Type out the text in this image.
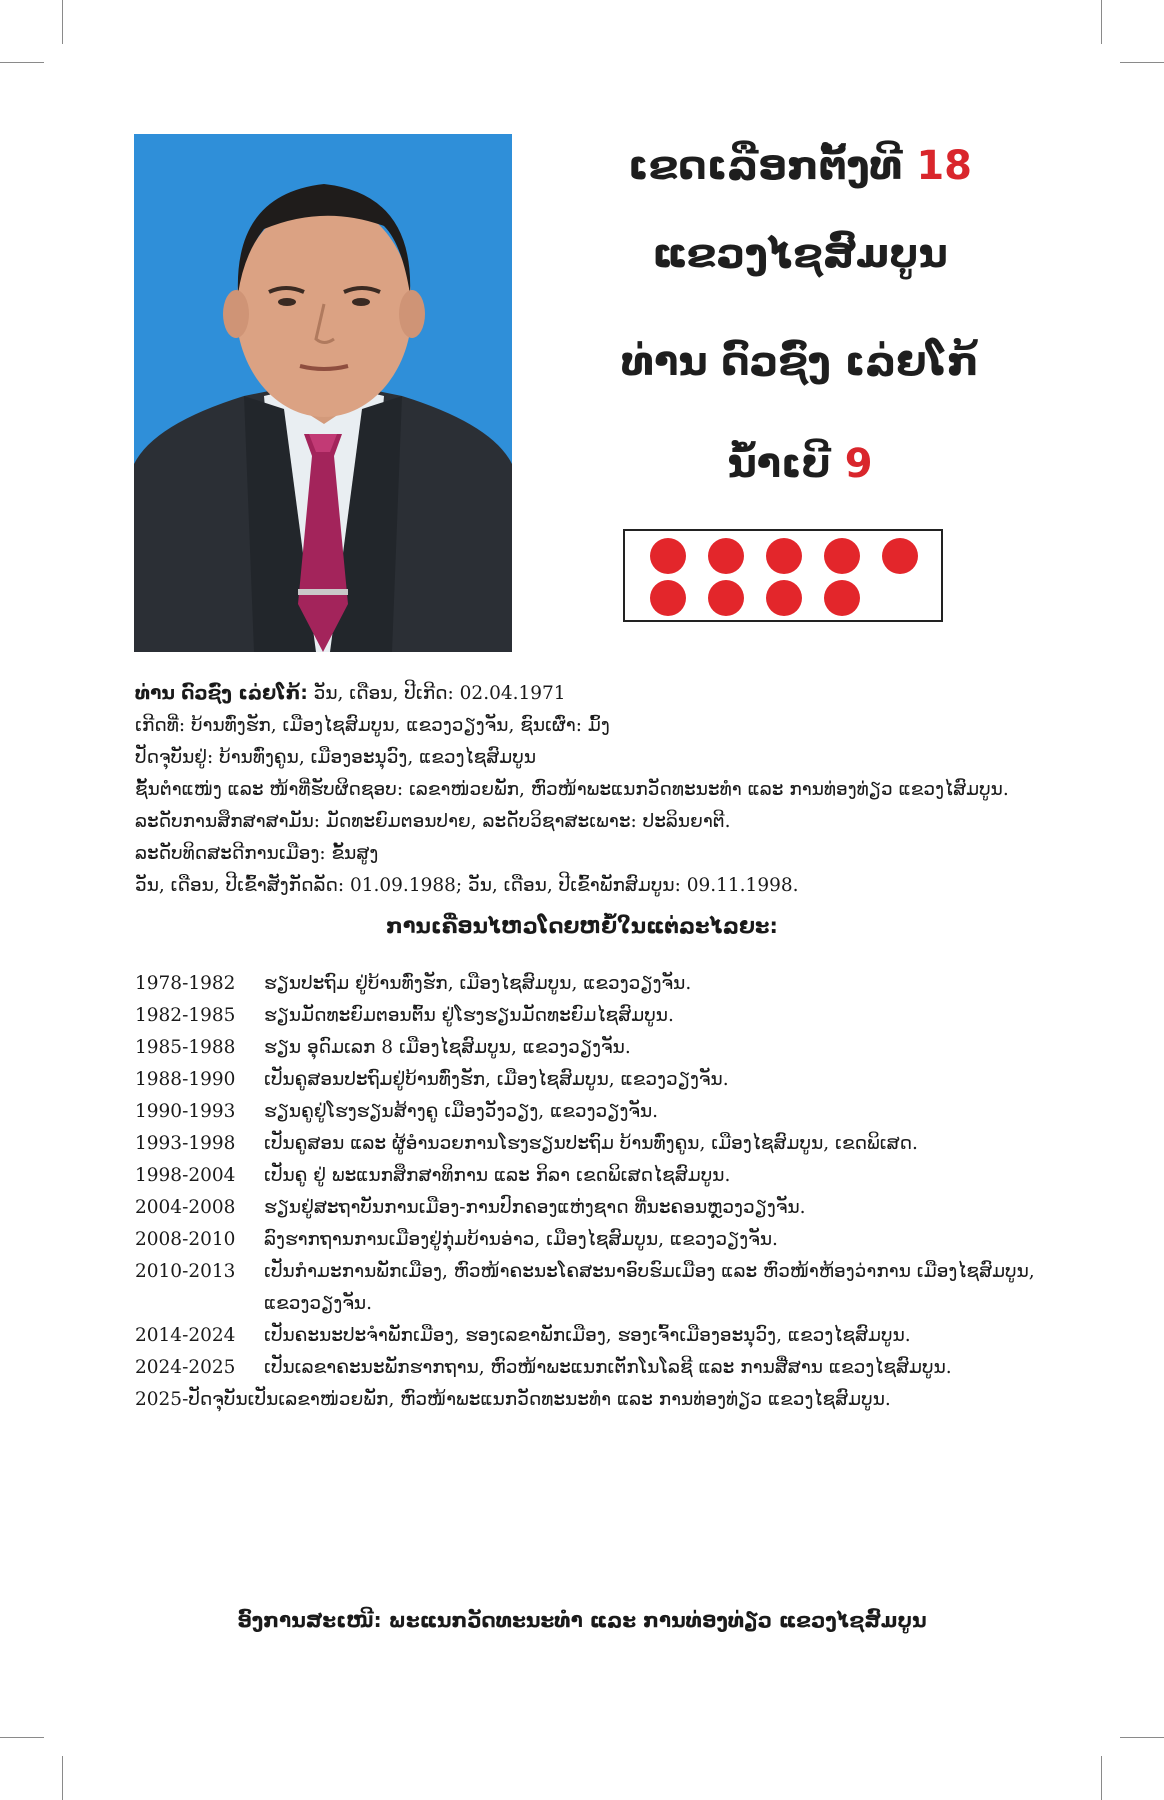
ເຂດເລືອກຕັ້ງທີ 18
ແຂວງໄຊສົມບູນ
ທ່ານ ດົວຊົ່ງ ເລ່ຍໂກ້
ນໍ້າເບີ 9
ທ່ານ ດົວຊົ່ງ ເລ່ຍໂກ້: ວັນ, ເດືອນ, ປີເກີດ: 02.04.1971
ເກີດທີ່: ບ້ານທົ່ງຮັກ, ເມືອງໄຊສົມບູນ, ແຂວງວຽງຈັນ, ຊົນເຜົ່າ: ມົ້ງ
ປັດຈຸບັນຢູ່: ບ້ານທົ່ງຄູນ, ເມືອງອະນຸວົງ, ແຂວງໄຊສົມບູນ
ຊັ້ນຕຳແໜ່ງ ແລະ ໜ້າທີ່ຮັບຜິດຊອບ: ເລຂາໜ່ວຍພັກ, ຫົວໜ້າພະແນກວັດທະນະທຳ ແລະ ການທ່ອງທ່ຽວ ແຂວງໄສົມບູນ.
ລະດັບການສຶກສາສາມັນ: ມັດທະຍົມຕອນປາຍ, ລະດັບວິຊາສະເພາະ: ປະລິນຍາຕີ.
ລະດັບທິດສະດີການເມືອງ: ຂັ້ນສູງ
ວັນ, ເດືອນ, ປີເຂົ້າສັງກັດລັດ: 01.09.1988; ວັນ, ເດືອນ, ປີເຂົ້າພັກສົມບູນ: 09.11.1998.
ການເຄື່ອນໄຫວໂດຍຫຍໍ້ໃນແຕ່ລະໄລຍະ:
1978-1982	ຮຽນປະຖົມ ຢູ່ບ້ານທົ່ງຮັກ, ເມືອງໄຊສົມບູນ, ແຂວງວຽງຈັນ.
1982-1985	ຮຽນມັດທະຍົມຕອນຕົ້ນ ຢູ່ໂຮງຮຽນມັດທະຍົມໄຊສົມບູນ.
1985-1988	ຮຽນ ອຸດົມເລກ 8 ເມືອງໄຊສົມບູນ, ແຂວງວຽງຈັນ.
1988-1990	ເປັນຄູສອນປະຖົມຢູ່ບ້ານທົ່ງຮັກ, ເມືອງໄຊສົມບູນ, ແຂວງວຽງຈັນ.
1990-1993	ຮຽນຄູຢູ່ໂຮງຮຽນສ້າງຄູ ເມືອງວັງວຽງ, ແຂວງວຽງຈັນ.
1993-1998	ເປັນຄູສອນ ແລະ ຜູ້ອຳນວຍການໂຮງຮຽນປະຖົມ ບ້ານທົ່ງຄູນ, ເມືອງໄຊສົມບູນ, ເຂດພິເສດ.
1998-2004	ເປັນຄູ ຢູ່ ພະແນກສຶກສາທິການ ແລະ ກິລາ ເຂດພິເສດໄຊສົມບູນ.
2004-2008	ຮຽນຢູ່ສະຖາບັນການເມືອງ-ການປົກຄອງແຫ່ງຊາດ ທີ່ນະຄອນຫຼວງວຽງຈັນ.
2008-2010	ລົງຮາກຖານການເມືອງຢູ່ກຸ່ມບ້ານອ່າວ, ເມືອງໄຊສົມບູນ, ແຂວງວຽງຈັນ.
2010-2013	ເປັນກຳມະການພັກເມືອງ, ຫົວໜ້າຄະນະໂຄສະນາອົບຮົມເມືອງ ແລະ ຫົວໜ້າຫ້ອງວ່າການ ເມືອງໄຊສົມບູນ, ແຂວງວຽງຈັນ.
2014-2024	ເປັນຄະນະປະຈຳພັກເມືອງ, ຮອງເລຂາພັກເມືອງ, ຮອງເຈົ້າເມືອງອະນຸວົງ, ແຂວງໄຊສົມບູນ.
2024-2025	ເປັນເລຂາຄະນະພັກຮາກຖານ, ຫົວໜ້າພະແນກເຕັກໂນໂລຊີ ແລະ ການສື່ສານ ແຂວງໄຊສົມບູນ.
2025-ປັດຈຸບັນເປັນເລຂາໜ່ວຍພັກ, ຫົວໜ້າພະແນກວັດທະນະທຳ ແລະ ການທ່ອງທ່ຽວ ແຂວງໄຊສົມບູນ.
ອົງການສະເໜີ: ພະແນກວັດທະນະທຳ ແລະ ການທ່ອງທ່ຽວ ແຂວງໄຊສົມບູນ
